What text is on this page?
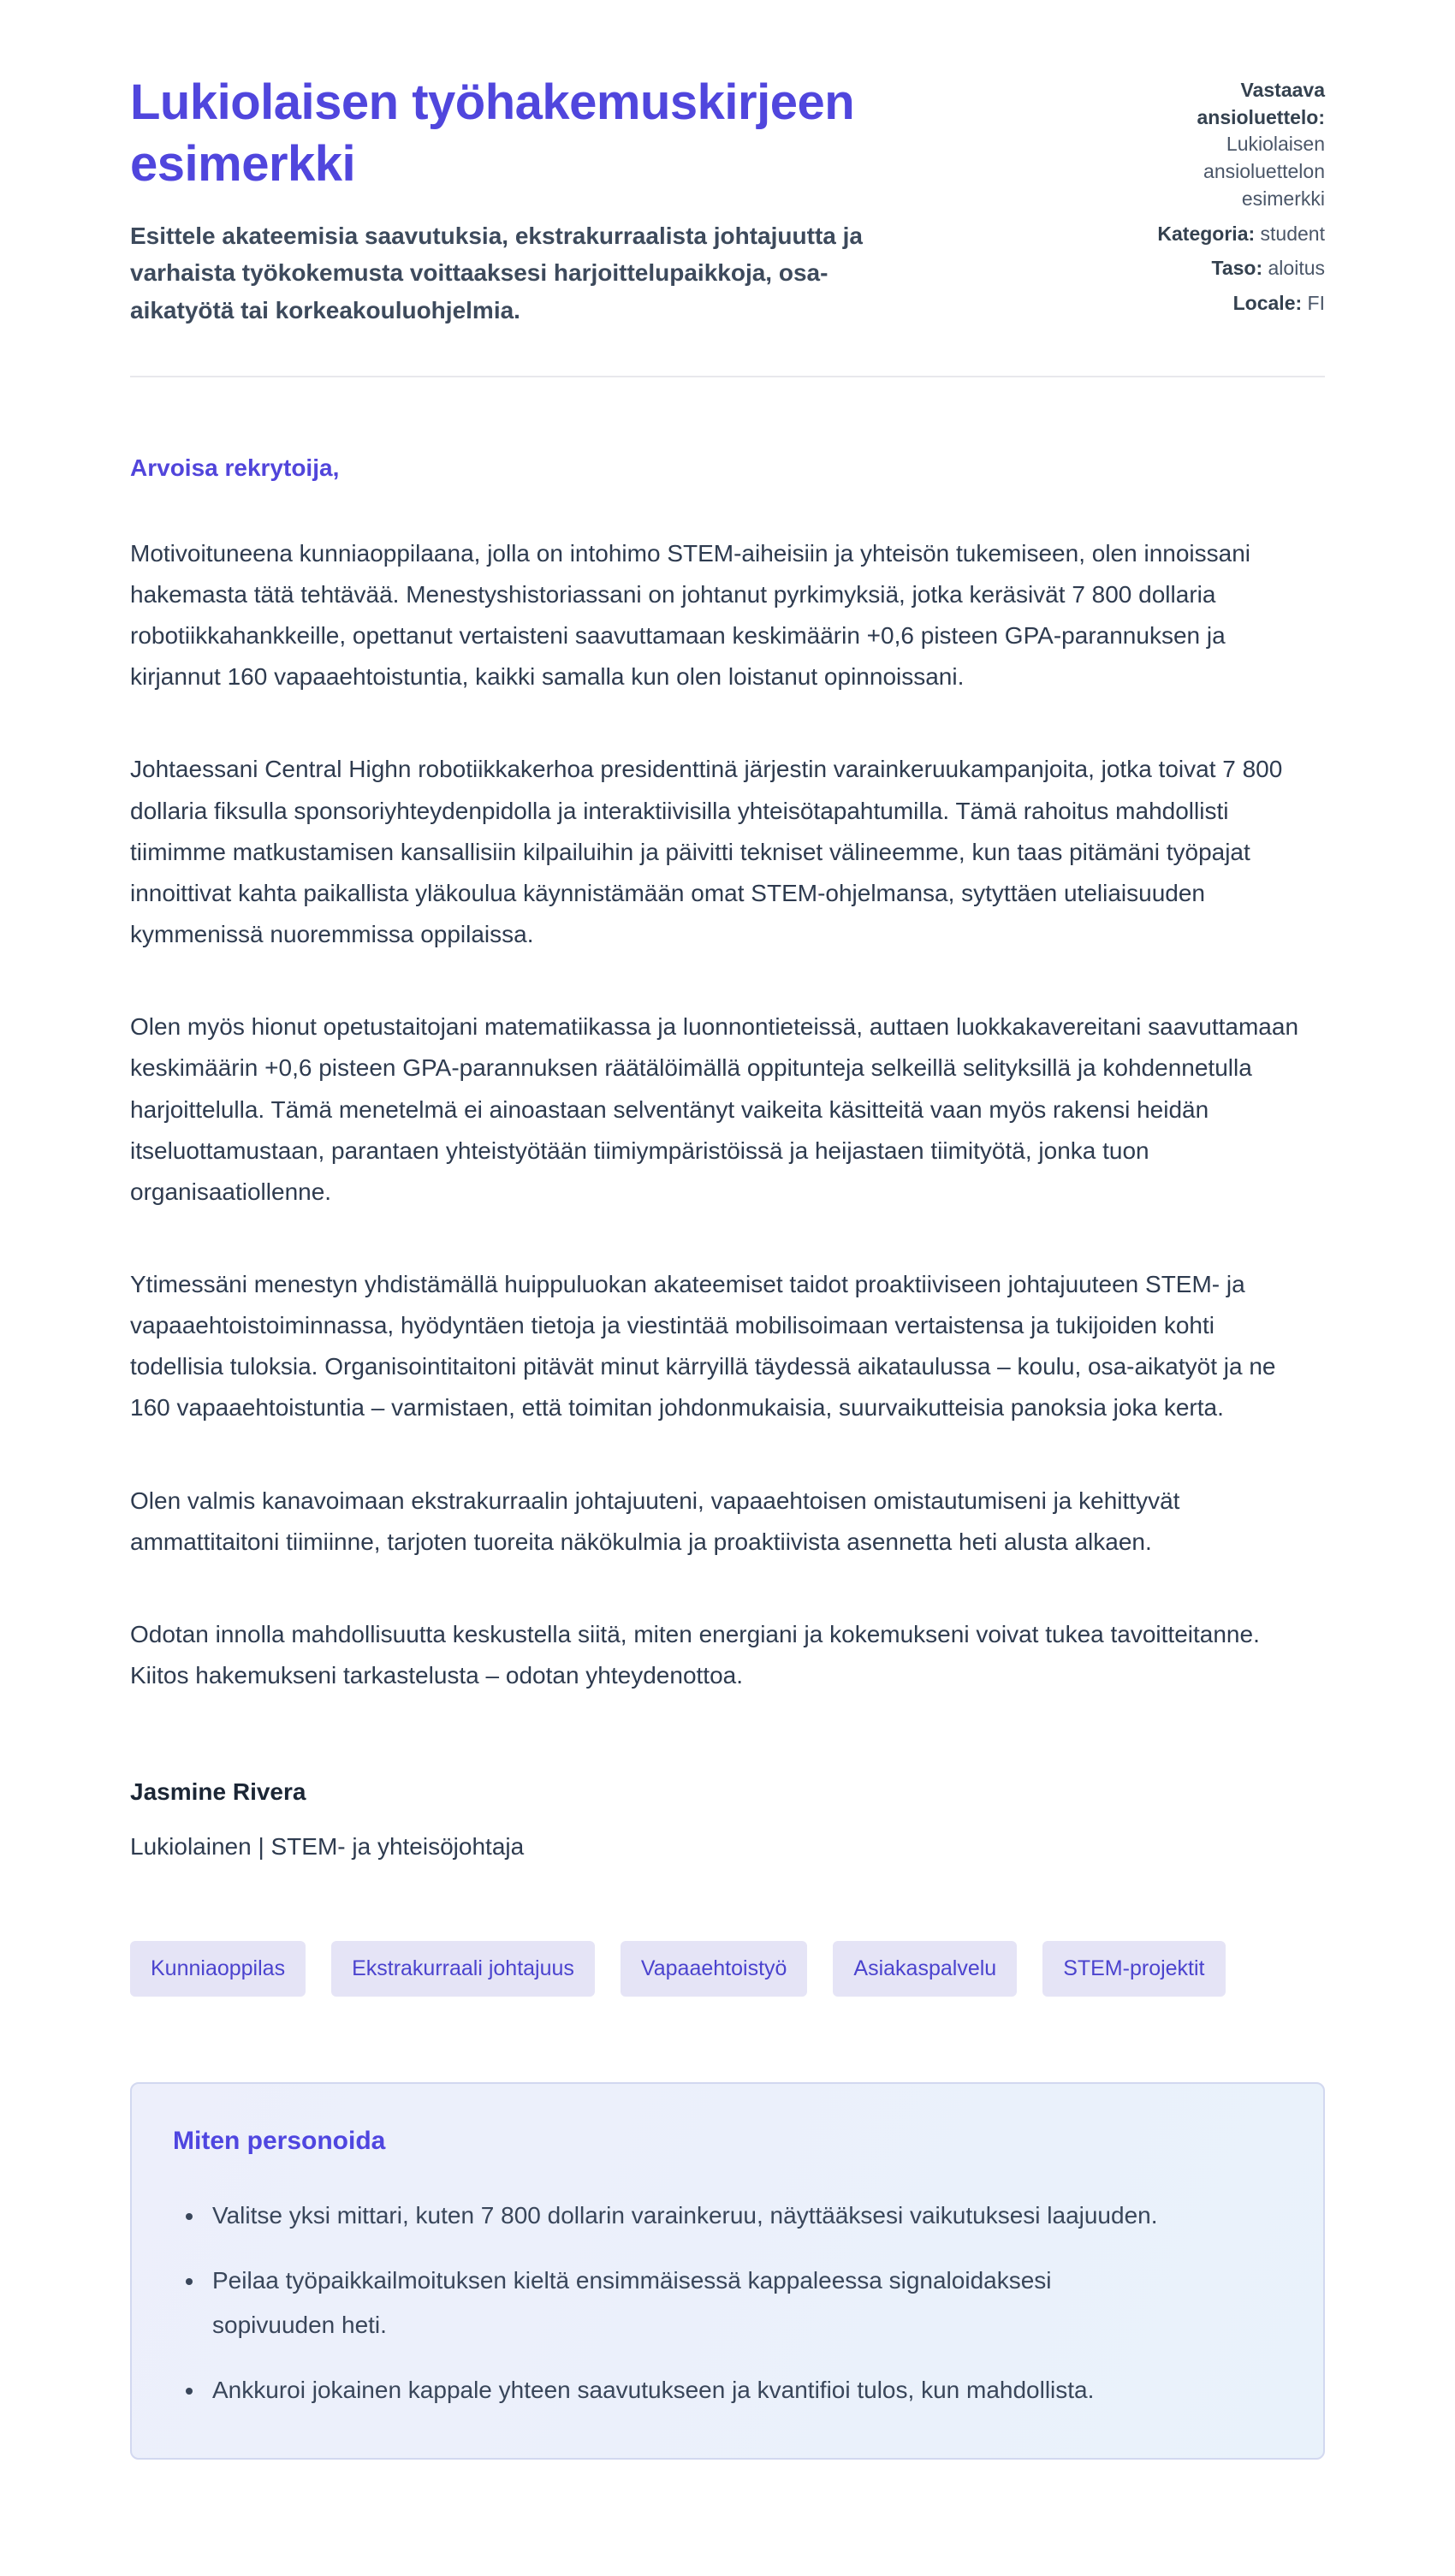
Lukiolaisen työhakemuskirjeen esimerkki
Esittele akateemisia saavutuksia, ekstrakurraalista johtajuutta ja varhaista työkokemusta voittaaksesi harjoittelupaikkoja, osa-aikatyötä tai korkeakouluohjelmia.
Vastaava ansioluettelo: Lukiolaisen ansioluettelon esimerkki
Kategoria: student
Taso: aloitus
Locale: FI
Arvoisa rekrytoija,

Motivoituneena kunniaoppilaana, jolla on intohimo STEM-aiheisiin ja yhteisön tukemiseen, olen innoissani hakemasta tätä tehtävää. Menestyshistoriassani on johtanut pyrkimyksiä, jotka keräsivät 7 800 dollaria robotiikkahankkeille, opettanut vertaisteni saavuttamaan keskimäärin +0,6 pisteen GPA-parannuksen ja kirjannut 160 vapaaehtoistuntia, kaikki samalla kun olen loistanut opinnoissani.

Johtaessani Central Highn robotiikkakerhoa presidenttinä järjestin varainkeruukampanjoita, jotka toivat 7 800 dollaria fiksulla sponsoriyhteydenpidolla ja interaktiivisilla yhteisötapahtumilla. Tämä rahoitus mahdollisti tiimimme matkustamisen kansallisiin kilpailuihin ja päivitti tekniset välineemme, kun taas pitämäni työpajat innoittivat kahta paikallista yläkoulua käynnistämään omat STEM-ohjelmansa, sytyttäen uteliaisuuden kymmenissä nuoremmissa oppilaissa.

Olen myös hionut opetustaitojani matematiikassa ja luonnontieteissä, auttaen luokkakavereitani saavuttamaan keskimäärin +0,6 pisteen GPA-parannuksen räätälöimällä oppitunteja selkeillä selityksillä ja kohdennetulla harjoittelulla. Tämä menetelmä ei ainoastaan selventänyt vaikeita käsitteitä vaan myös rakensi heidän itseluottamustaan, parantaen yhteistyötään tiimiympäristöissä ja heijastaen tiimityötä, jonka tuon organisaatiollenne.

Ytimessäni menestyn yhdistämällä huippuluokan akateemiset taidot proaktiiviseen johtajuuteen STEM- ja vapaaehtoistoiminnassa, hyödyntäen tietoja ja viestintää mobilisoimaan vertaistensa ja tukijoiden kohti todellisia tuloksia. Organisointitaitoni pitävät minut kärryillä täydessä aikataulussa – koulu, osa-aikatyöt ja ne 160 vapaaehtoistuntia – varmistaen, että toimitan johdonmukaisia, suurvaikutteisia panoksia joka kerta.

Olen valmis kanavoimaan ekstrakurraalin johtajuuteni, vapaaehtoisen omistautumiseni ja kehittyvät ammattitaitoni tiimiinne, tarjoten tuoreita näkökulmia ja proaktiivista asennetta heti alusta alkaen.

Odotan innolla mahdollisuutta keskustella siitä, miten energiani ja kokemukseni voivat tukea tavoitteitanne. Kiitos hakemukseni tarkastelusta – odotan yhteydenottoa.

Jasmine Rivera
Lukiolainen | STEM- ja yhteisöjohtaja
Kunniaoppilas	Ekstrakurraali johtajuus	Vapaaehtoistyö	Asiakaspalvelu	STEM-projektit
Miten personoida
• Valitse yksi mittari, kuten 7 800 dollarin varainkeruu, näyttääksesi vaikutuksesi laajuuden.
• Peilaa työpaikkailmoituksen kieltä ensimmäisessä kappaleessa signaloidaksesi sopivuuden heti.
• Ankkuroi jokainen kappale yhteen saavutukseen ja kvantifioi tulos, kun mahdollista.
